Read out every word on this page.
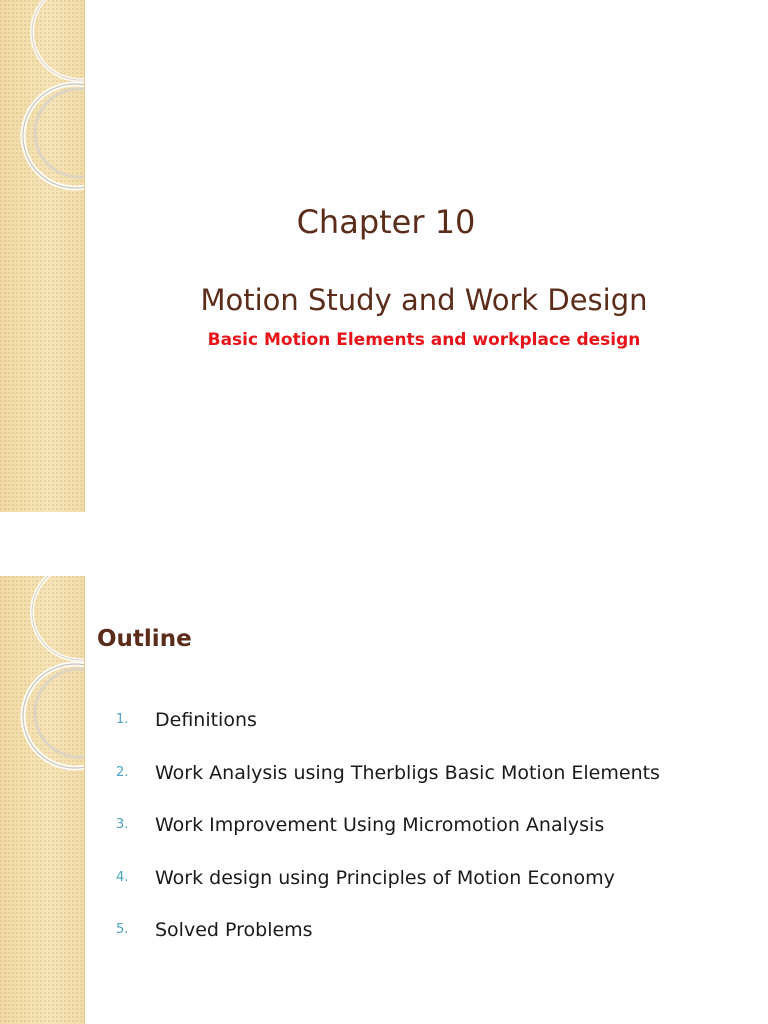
Chapter 10
Motion Study and Work Design
Basic Motion Elements and workplace design
Outline
1.	Definitions
2.	Work Analysis using Therbligs Basic Motion Elements
3.	Work Improvement Using Micromotion Analysis
4.	Work design using Principles of Motion Economy
5.	Solved Problems
